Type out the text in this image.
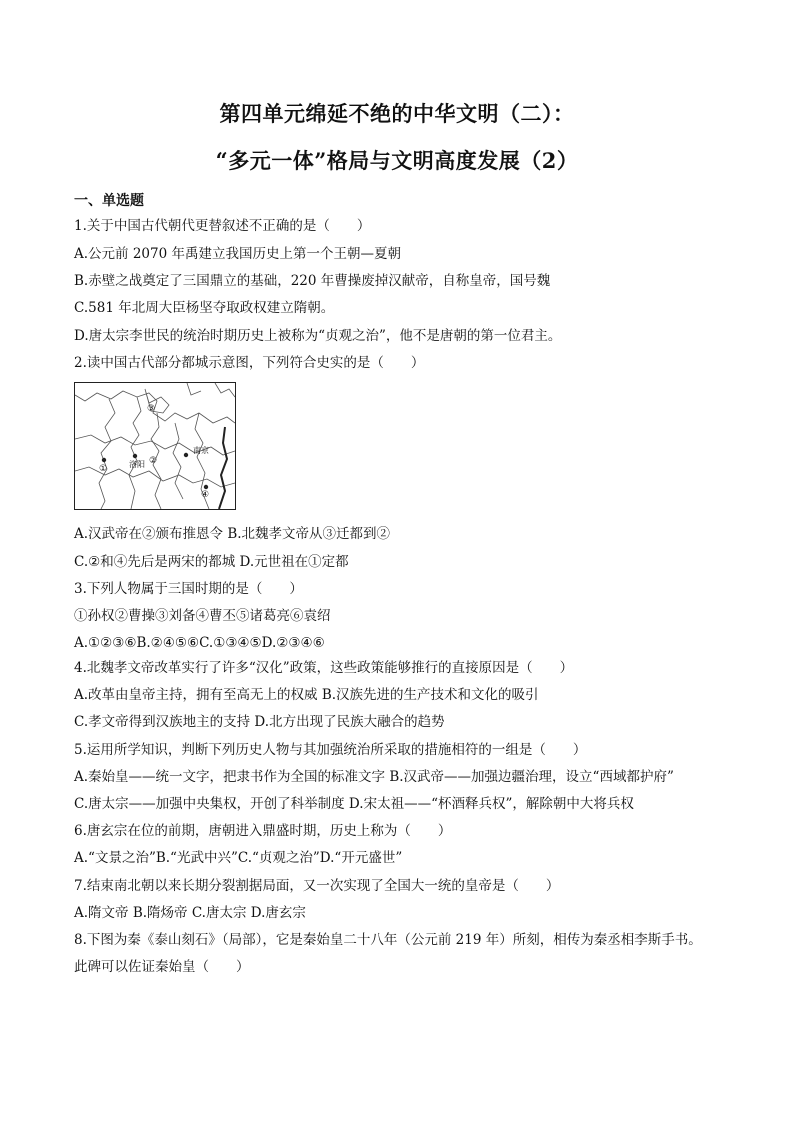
第四单元绵延不绝的中华文明（二）：
“多元一体”格局与文明高度发展（2）
一、单选题
1.关于中国古代朝代更替叙述不正确的是（　　）
A.公元前 2070 年禹建立我国历史上第一个王朝—夏朝
B.赤壁之战奠定了三国鼎立的基础，220 年曹操废掉汉献帝，自称皇帝，国号魏
C.581 年北周大臣杨坚夺取政权建立隋朝。
D.唐太宗李世民的统治时期历史上被称为“贞观之治”，他不是唐朝的第一位君主。
2.读中国古代部分都城示意图，下列符合史实的是（　　）
①
②
③
④
洛阳
南京
A.汉武帝在②颁布推恩令 B.北魏孝文帝从③迁都到②
C.②和④先后是两宋的都城 D.元世祖在①定都
3.下列人物属于三国时期的是（　　）
①孙权②曹操③刘备④曹丕⑤诸葛亮⑥袁绍
A.①②③⑥B.②④⑤⑥C.①③④⑤D.②③④⑥
4.北魏孝文帝改革实行了许多“汉化”政策，这些政策能够推行的直接原因是（　　）
A.改革由皇帝主持，拥有至高无上的权威 B.汉族先进的生产技术和文化的吸引
C.孝文帝得到汉族地主的支持 D.北方出现了民族大融合的趋势
5.运用所学知识，判断下列历史人物与其加强统治所采取的措施相符的一组是（　　）
A.秦始皇——统一文字，把隶书作为全国的标准文字 B.汉武帝——加强边疆治理，设立“西域都护府”
C.唐太宗——加强中央集权，开创了科举制度 D.宋太祖——“杯酒释兵权”，解除朝中大将兵权
6.唐玄宗在位的前期，唐朝进入鼎盛时期，历史上称为（　　）
A.“文景之治”B.“光武中兴”C.“贞观之治”D.“开元盛世”
7.结束南北朝以来长期分裂割据局面，又一次实现了全国大一统的皇帝是（　　）
A.隋文帝 B.隋炀帝 C.唐太宗 D.唐玄宗
8.下图为秦《泰山刻石》（局部），它是秦始皇二十八年（公元前 219 年）所刻，相传为秦丞相李斯手书。
此碑可以佐证秦始皇（　　）
